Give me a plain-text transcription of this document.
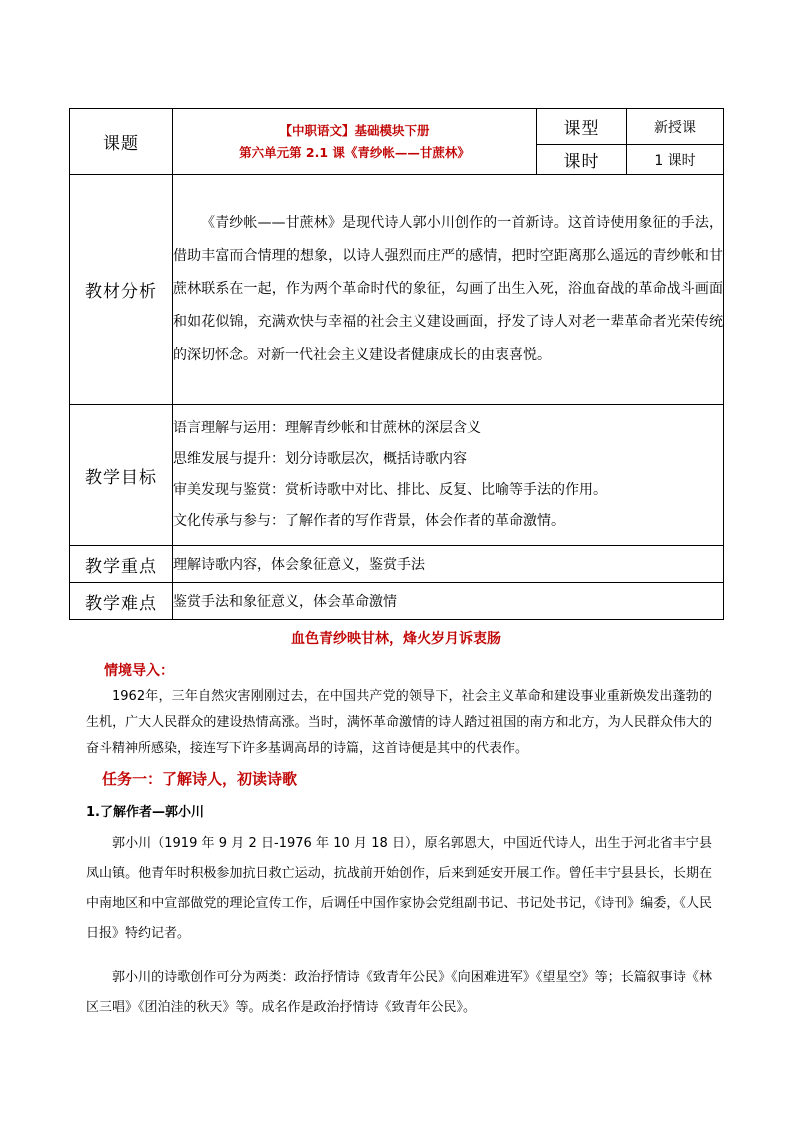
课题	【中职语文】基础模块下册
第六单元第 2.1 课《青纱帐——甘蔗林》	课型	新授课
		课时	1 课时
教材分析	《青纱帐——甘蔗林》是现代诗人郭小川创作的一首新诗。这首诗使用象征的手法，借助丰富而合情理的想象，以诗人强烈而庄严的感情，把时空距离那么遥远的青纱帐和甘蔗林联系在一起，作为两个革命时代的象征，勾画了出生入死，浴血奋战的革命战斗画面和如花似锦，充满欢快与幸福的社会主义建设画面，抒发了诗人对老一辈革命者光荣传统的深切怀念。对新一代社会主义建设者健康成长的由衷喜悦。		
教学目标	语言理解与运用：理解青纱帐和甘蔗林的深层含义
思维发展与提升：划分诗歌层次，概括诗歌内容
审美发现与鉴赏：赏析诗歌中对比、排比、反复、比喻等手法的作用。
文化传承与参与：了解作者的写作背景，体会作者的革命激情。		

教学重点	理解诗歌内容，体会象征意义，鉴赏手法		
教学难点	鉴赏手法和象征意义，体会革命激情		
血色青纱映甘林，烽火岁月诉衷肠
情境导入：
1962年，三年自然灾害刚刚过去，在中国共产党的领导下，社会主义革命和建设事业重新焕发出蓬勃的生机，广大人民群众的建设热情高涨。当时，满怀革命激情的诗人踏过祖国的南方和北方，为人民群众伟大的奋斗精神所感染，接连写下许多基调高昂的诗篇，这首诗便是其中的代表作。
任务一：了解诗人，初读诗歌
1.了解作者—郭小川
郭小川（1919 年 9 月 2 日-1976 年 10 月 18 日），原名郭恩大，中国近代诗人，出生于河北省丰宁县凤山镇。他青年时积极参加抗日救亡运动，抗战前开始创作，后来到延安开展工作。曾任丰宁县县长，长期在中南地区和中宣部做党的理论宣传工作，后调任中国作家协会党组副书记、书记处书记，《诗刊》编委，《人民日报》特约记者。
郭小川的诗歌创作可分为两类：政治抒情诗《致青年公民》《向困难进军》《望星空》等；长篇叙事诗《林区三唱》《团泊洼的秋天》等。成名作是政治抒情诗《致青年公民》。
